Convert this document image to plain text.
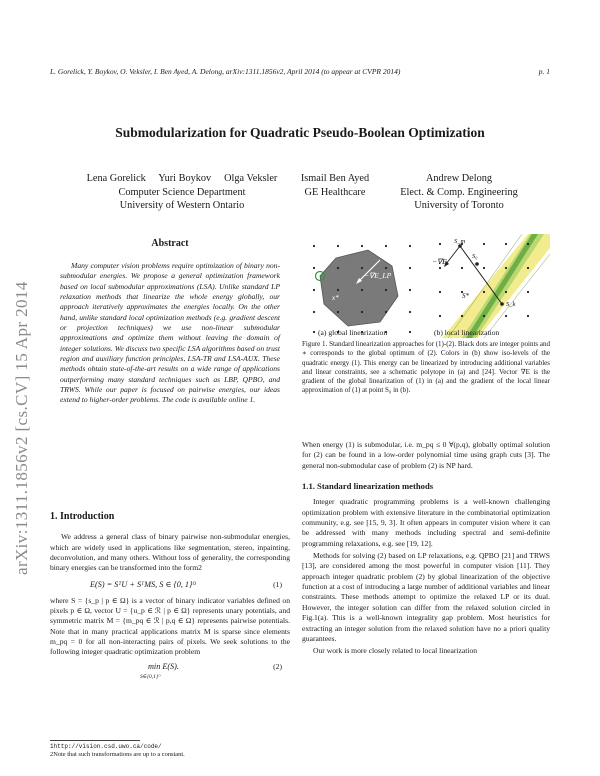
L. Gorelick, Y. Boykov, O. Veksler, I. Ben Ayed, A. Delong, arXiv:1311.1856v2, April 2014 (to appear at CVPR 2014)	p. 1
Submodularization for Quadratic Pseudo-Boolean Optimization
Lena Gorelick     Yuri Boykov     Olga Veksler
Computer Science Department
University of Western Ontario
Ismail Ben Ayed
GE Healthcare
Andrew Delong
Elect. & Comp. Engineering
University of Toronto
arXiv:1311.1856v2 [cs.CV] 15 Apr 2014
Abstract

Many computer vision problems require optimization of binary non-submodular energies. We propose a general optimization framework based on local submodular approximations (LSA). Unlike standard LP relaxation methods that linearize the whole energy globally, our approach iteratively approximates the energies locally. On the other hand, unlike standard local optimization methods (e.g. gradient descent or projection techniques) we use non-linear submodular approximations and optimize them without leaving the domain of integer solutions. We discuss two specific LSA algorithms based on trust region and auxiliary function principles, LSA-TR and LSA-AUX. These methods obtain state-of-the-art results on a wide range of applications outperforming many standard techniques such as LBP, QPBO, and TRWS. While our paper is focused on pairwise energies, our ideas extend to higher-order problems. The code is available online 1.

1. Introduction

We address a general class of binary pairwise non-submodular energies, which are widely used in applications like segmentation, stereo, inpainting, deconvolution, and many others. Without loss of generality, the corresponding binary energies can be transformed into the form2

E(S) = SᵀU + SᵀMS, S ∈ {0, 1}ᴼ	(1)

where S = {s_p | p ∈ Ω} is a vector of binary indicator variables defined on pixels p ∈ Ω, vector U = {u_p ∈ ℛ | p ∈ Ω} represents unary potentials, and symmetric matrix M = {m_pq ∈ ℛ | p,q ∈ Ω} represents pairwise potentials. Note that in many practical applications matrix M is sparse since elements m_pq = 0 for all non-interacting pairs of pixels. We seek solutions to the following integer quadratic optimization problem

min E(S).
S∈{0,1}ᴼ
(2)
1http://vision.csd.uwo.ca/code/
2Note that such transformations are up to a constant.
−∇E_LP
x*
S_m
S₀
−∇E
S*
S_k
(a) global linearization	(b) local linearization
Figure 1. Standard linearization approaches for (1)-(2). Black dots are integer points and ∗ corresponds to the global optimum of (2). Colors in (b) show iso-levels of the quadratic energy (1). This energy can be linearized by introducing additional variables and linear constraints, see a schematic polytope in (a) and [24]. Vector ∇E is the gradient of the global linearization of (1) in (a) and the gradient of the local linear approximation of (1) at point S₀ in (b).

When energy (1) is submodular, i.e. m_pq ≤ 0 ∀(p,q), globally optimal solution for (2) can be found in a low-order polynomial time using graph cuts [3]. The general non-submodular case of problem (2) is NP hard.

1.1. Standard linearization methods

Integer quadratic programming problems is a well-known challenging optimization problem with extensive literature in the combinatorial optimization community, e.g. see [15, 9, 3]. It often appears in computer vision where it can be addressed with many methods including spectral and semi-definite programming relaxations, e.g. see [19, 12].

Methods for solving (2) based on LP relaxations, e.g. QPBO [21] and TRWS [13], are considered among the most powerful in computer vision [11]. They approach integer quadratic problem (2) by global linearization of the objective function at a cost of introducing a large number of additional variables and linear constraints. These methods attempt to optimize the relaxed LP or its dual. However, the integer solution can differ from the relaxed solution circled in Fig.1(a). This is a well-known integrality gap problem. Most heuristics for extracting an integer solution from the relaxed solution have no a priori quality guarantees.

Our work is more closely related to local linearization
